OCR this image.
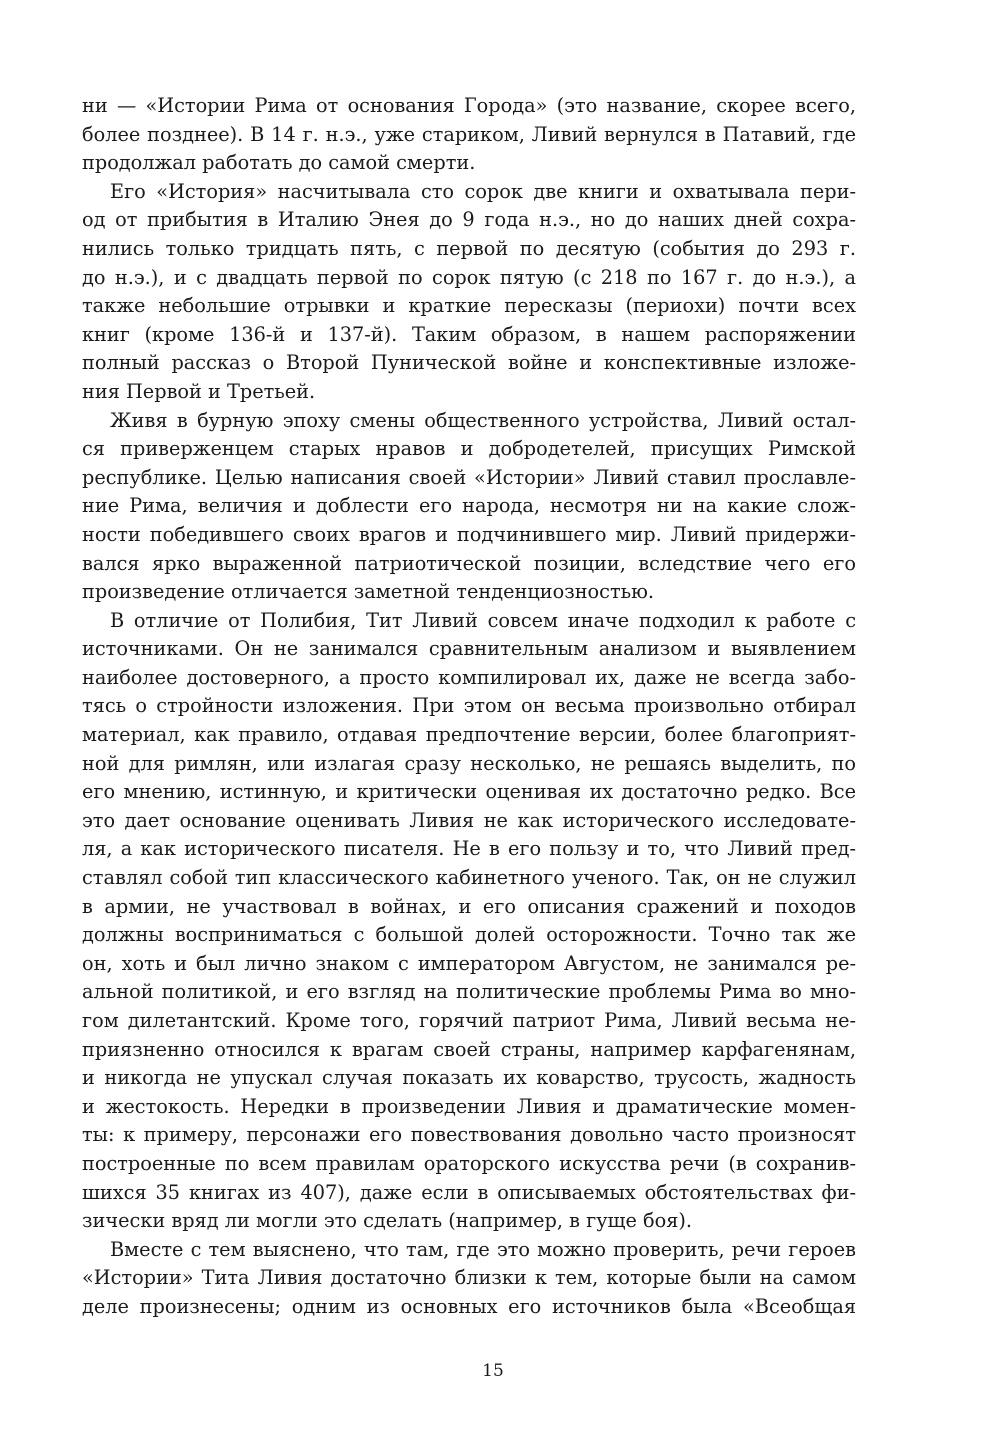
ни — «Истории Рима от основания Города» (это название, скорее всего,
более позднее). В 14 г. н.э., уже стариком, Ливий вернулся в Патавий, где
продолжал работать до самой смерти.
Его «История» насчитывала сто сорок две книги и охватывала пери-
од от прибытия в Италию Энея до 9 года н.э., но до наших дней сохра-
нились только тридцать пять, с первой по десятую (события до 293 г.
до н.э.), и с двадцать первой по сорок пятую (с 218 по 167 г. до н.э.), а
также небольшие отрывки и краткие пересказы (периохи) почти всех
книг (кроме 136-й и 137-й). Таким образом, в нашем распоряжении
полный рассказ о Второй Пунической войне и конспективные изложе-
ния Первой и Третьей.
Живя в бурную эпоху смены общественного устройства, Ливий остал-
ся приверженцем старых нравов и добродетелей, присущих Римской
республике. Целью написания своей «Истории» Ливий ставил прославле-
ние Рима, величия и доблести его народа, несмотря ни на какие слож-
ности победившего своих врагов и подчинившего мир. Ливий придержи-
вался ярко выраженной патриотической позиции, вследствие чего его
произведение отличается заметной тенденциозностью.
В отличие от Полибия, Тит Ливий совсем иначе подходил к работе с
источниками. Он не занимался сравнительным анализом и выявлением
наиболее достоверного, а просто компилировал их, даже не всегда забо-
тясь о стройности изложения. При этом он весьма произвольно отбирал
материал, как правило, отдавая предпочтение версии, более благоприят-
ной для римлян, или излагая сразу несколько, не решаясь выделить, по
его мнению, истинную, и критически оценивая их достаточно редко. Все
это дает основание оценивать Ливия не как исторического исследовате-
ля, а как исторического писателя. Не в его пользу и то, что Ливий пред-
ставлял собой тип классического кабинетного ученого. Так, он не служил
в армии, не участвовал в войнах, и его описания сражений и походов
должны восприниматься с большой долей осторожности. Точно так же
он, хоть и был лично знаком с императором Августом, не занимался ре-
альной политикой, и его взгляд на политические проблемы Рима во мно-
гом дилетантский. Кроме того, горячий патриот Рима, Ливий весьма не-
приязненно относился к врагам своей страны, например карфагенянам,
и никогда не упускал случая показать их коварство, трусость, жадность
и жестокость. Нередки в произведении Ливия и драматические момен-
ты: к примеру, персонажи его повествования довольно часто произносят
построенные по всем правилам ораторского искусства речи (в сохранив-
шихся 35 книгах из 407), даже если в описываемых обстоятельствах фи-
зически вряд ли могли это сделать (например, в гуще боя).
Вместе с тем выяснено, что там, где это можно проверить, речи героев
«Истории» Тита Ливия достаточно близки к тем, которые были на самом
деле произнесены; одним из основных его источников была «Всеобщая
15
